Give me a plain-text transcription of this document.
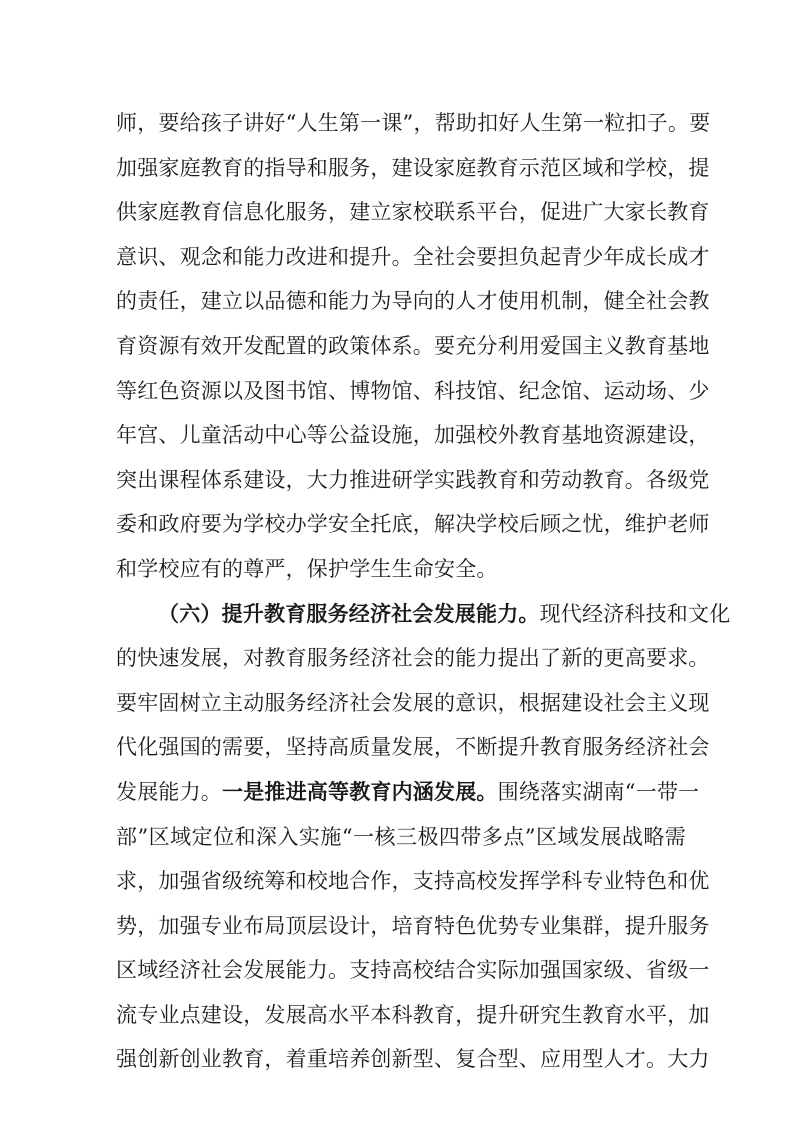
师，要给孩子讲好“人生第一课”，帮助扣好人生第一粒扣子。要
加强家庭教育的指导和服务，建设家庭教育示范区域和学校，提
供家庭教育信息化服务，建立家校联系平台，促进广大家长教育
意识、观念和能力改进和提升。全社会要担负起青少年成长成才
的责任，建立以品德和能力为导向的人才使用机制，健全社会教
育资源有效开发配置的政策体系。要充分利用爱国主义教育基地
等红色资源以及图书馆、博物馆、科技馆、纪念馆、运动场、少
年宫、儿童活动中心等公益设施，加强校外教育基地资源建设，
突出课程体系建设，大力推进研学实践教育和劳动教育。各级党
委和政府要为学校办学安全托底，解决学校后顾之忧，维护老师
和学校应有的尊严，保护学生生命安全。
（六）提升教育服务经济社会发展能力。现代经济科技和文化
的快速发展，对教育服务经济社会的能力提出了新的更高要求。
要牢固树立主动服务经济社会发展的意识，根据建设社会主义现
代化强国的需要，坚持高质量发展，不断提升教育服务经济社会
发展能力。一是推进高等教育内涵发展。围绕落实湖南“一带一
部”区域定位和深入实施“一核三极四带多点”区域发展战略需
求，加强省级统筹和校地合作，支持高校发挥学科专业特色和优
势，加强专业布局顶层设计，培育特色优势专业集群，提升服务
区域经济社会发展能力。支持高校结合实际加强国家级、省级一
流专业点建设，发展高水平本科教育，提升研究生教育水平，加
强创新创业教育，着重培养创新型、复合型、应用型人才。大力
